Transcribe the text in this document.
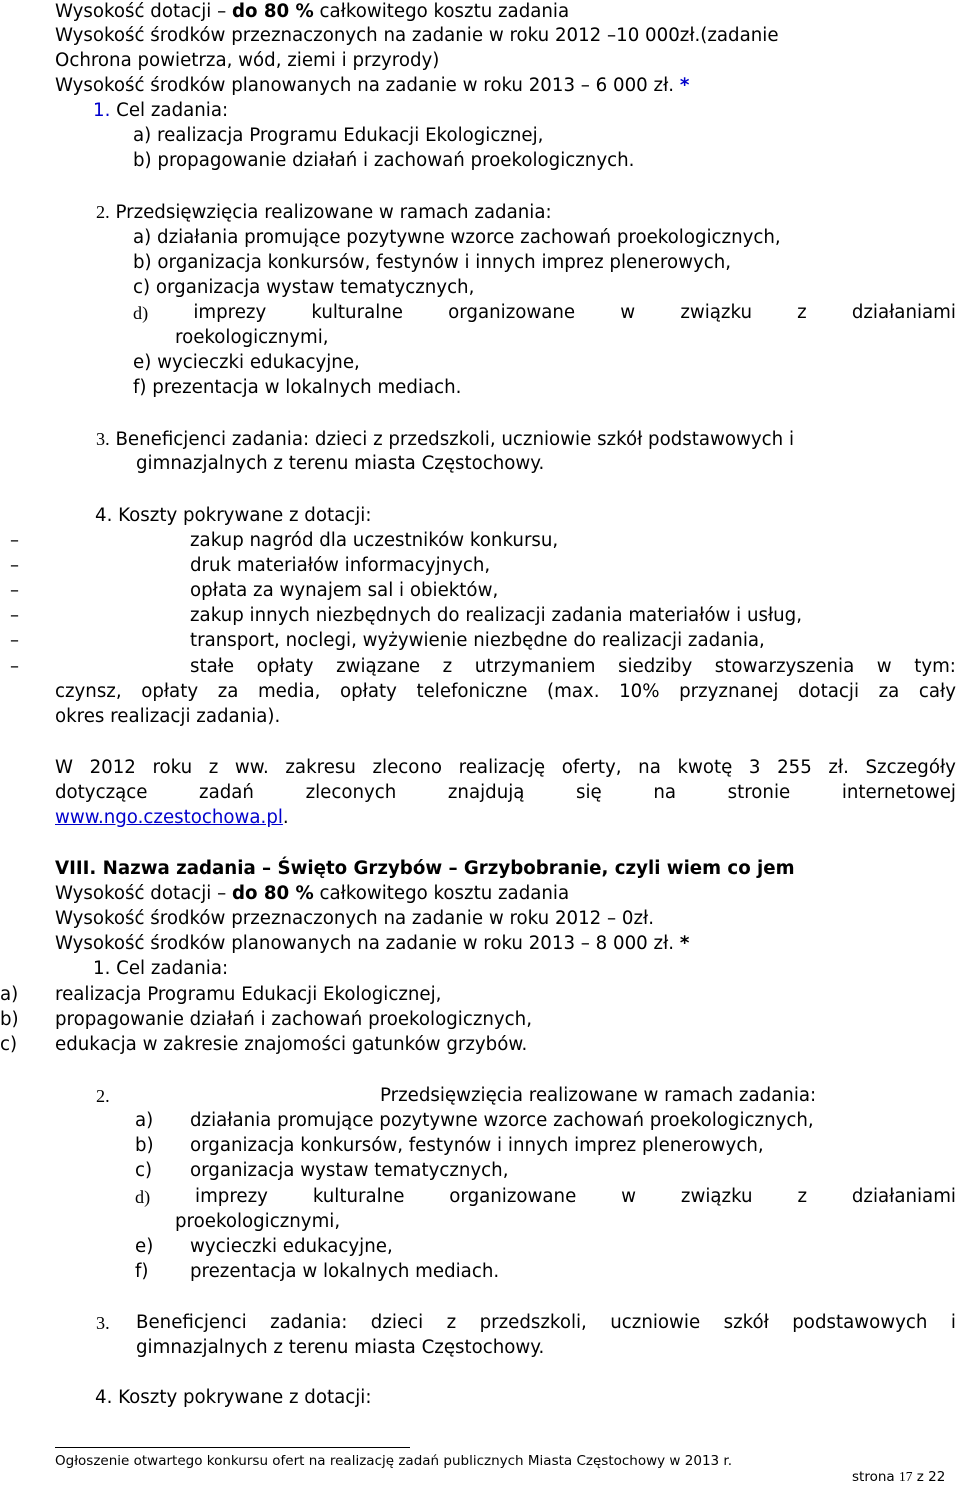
Wysokość dotacji – do 80 % całkowitego kosztu zadania
Wysokość środków przeznaczonych na zadanie w roku 2012 –10 000zł.(zadanie
Ochrona powietrza, wód, ziemi i przyrody)
Wysokość środków planowanych na zadanie w roku 2013 – 6 000 zł. *
1. Cel zadania:
a) realizacja Programu Edukacji Ekologicznej,
b) propagowanie działań i zachowań proekologicznych.
2. Przedsięwzięcia realizowane w ramach zadania:
a) działania promujące pozytywne wzorce zachowań proekologicznych,
b) organizacja konkursów, festynów i innych imprez plenerowych,
c) organizacja wystaw tematycznych,
d) imprezy kulturalne organizowane w związku z działaniami
roekologicznymi,
e) wycieczki edukacyjne,
f) prezentacja w lokalnych mediach.
3. Beneficjenci zadania: dzieci z przedszkoli, uczniowie szkół podstawowych i
gimnazjalnych z terenu miasta Częstochowy.
4. Koszty pokrywane z dotacji:
–	zakup nagród dla uczestników konkursu,
–	druk materiałów informacyjnych,
–	opłata za wynajem sal i obiektów,
–	zakup innych niezbędnych do realizacji zadania materiałów i usług,
–	transport, noclegi, wyżywienie niezbędne do realizacji zadania,
–	stałe opłaty związane z utrzymaniem siedziby stowarzyszenia w tym:
czynsz, opłaty za media, opłaty telefoniczne (max. 10% przyznanej dotacji za cały
okres realizacji zadania).
W 2012 roku z ww. zakresu zlecono realizację oferty, na kwotę 3 255 zł. Szczegóły
dotyczące	zadań	zleconych	znajdują	się	na	stronie	internetowej
www.ngo.czestochowa.pl.
VIII. Nazwa zadania – Święto Grzybów – Grzybobranie, czyli wiem co jem
Wysokość dotacji – do 80 % całkowitego kosztu zadania
Wysokość środków przeznaczonych na zadanie w roku 2012 – 0zł.
Wysokość środków planowanych na zadanie w roku 2013 – 8 000 zł. *
1. Cel zadania:
a) realizacja Programu Edukacji Ekologicznej,
b) propagowanie działań i zachowań proekologicznych,
c) edukacja w zakresie znajomości gatunków grzybów.
2.	Przedsięwzięcia realizowane w ramach zadania:
a) działania promujące pozytywne wzorce zachowań proekologicznych,
b) organizacja konkursów, festynów i innych imprez plenerowych,
c) organizacja wystaw tematycznych,
d) imprezy kulturalne organizowane w związku z działaniami
proekologicznymi,
e) wycieczki edukacyjne,
f) prezentacja w lokalnych mediach.
3. Beneficjenci zadania: dzieci z przedszkoli, uczniowie szkół podstawowych i
gimnazjalnych z terenu miasta Częstochowy.
4. Koszty pokrywane z dotacji:
Ogłoszenie otwartego konkursu ofert na realizację zadań publicznych Miasta Częstochowy w 2013 r.
strona 17 z 22
